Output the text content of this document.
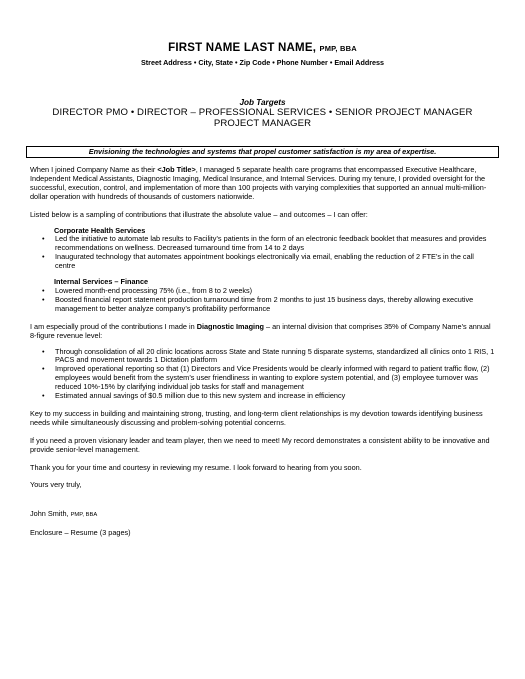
FIRST NAME LAST NAME, PMP, BBA
Street Address • City, State • Zip Code • Phone Number • Email Address
Job Targets
DIRECTOR PMO • DIRECTOR – PROFESSIONAL SERVICES • SENIOR PROJECT MANAGER
PROJECT MANAGER
Envisioning the technologies and systems that propel customer satisfaction is my area of expertise.
When I joined Company Name as their <Job Title>, I managed 5 separate health care programs that encompassed Executive Healthcare, Independent Medical Assistants, Diagnostic Imaging, Medical Insurance, and Internal Services. During my tenure, I provided oversight for the successful, execution, control, and implementation of more than 100 projects with varying complexities that supported an annual multi-million-dollar operation with hundreds of thousands of customers nationwide.
Listed below is a sampling of contributions that illustrate the absolute value – and outcomes – I can offer:
Corporate Health Services
• Led the initiative to automate lab results to Facility’s patients in the form of an electronic feedback booklet that measures and provides recommendations on wellness. Decreased turnaround time from 14 to 2 days
• Inaugurated technology that automates appointment bookings electronically via email, enabling the reduction of 2 FTE’s in the call centre
Internal Services – Finance
• Lowered month-end processing 75% (i.e., from 8 to 2 weeks)
• Boosted financial report statement production turnaround time from 2 months to just 15 business days, thereby allowing executive management to better analyze company’s profitability performance
I am especially proud of the contributions I made in Diagnostic Imaging – an internal division that comprises 35% of Company Name’s annual 8-figure revenue level:
• Through consolidation of all 20 clinic locations across State and State running 5 disparate systems, standardized all clinics onto 1 RIS, 1 PACS and movement towards 1 Dictation platform
• Improved operational reporting so that (1) Directors and Vice Presidents would be clearly informed with regard to patient traffic flow, (2) employees would benefit from the system’s user friendliness in wanting to explore system potential, and (3) employee turnover was reduced 10%-15% by clarifying individual job tasks for staff and management
• Estimated annual savings of $0.5 million due to this new system and increase in efficiency
Key to my success in building and maintaining strong, trusting, and long-term client relationships is my devotion towards identifying business needs while simultaneously discussing and problem-solving potential concerns.
If you need a proven visionary leader and team player, then we need to meet! My record demonstrates a consistent ability to be innovative and provide senior-level management.
Thank you for your time and courtesy in reviewing my resume. I look forward to hearing from you soon.
Yours very truly,
John Smith, PMP, BBA
Enclosure – Resume (3 pages)
